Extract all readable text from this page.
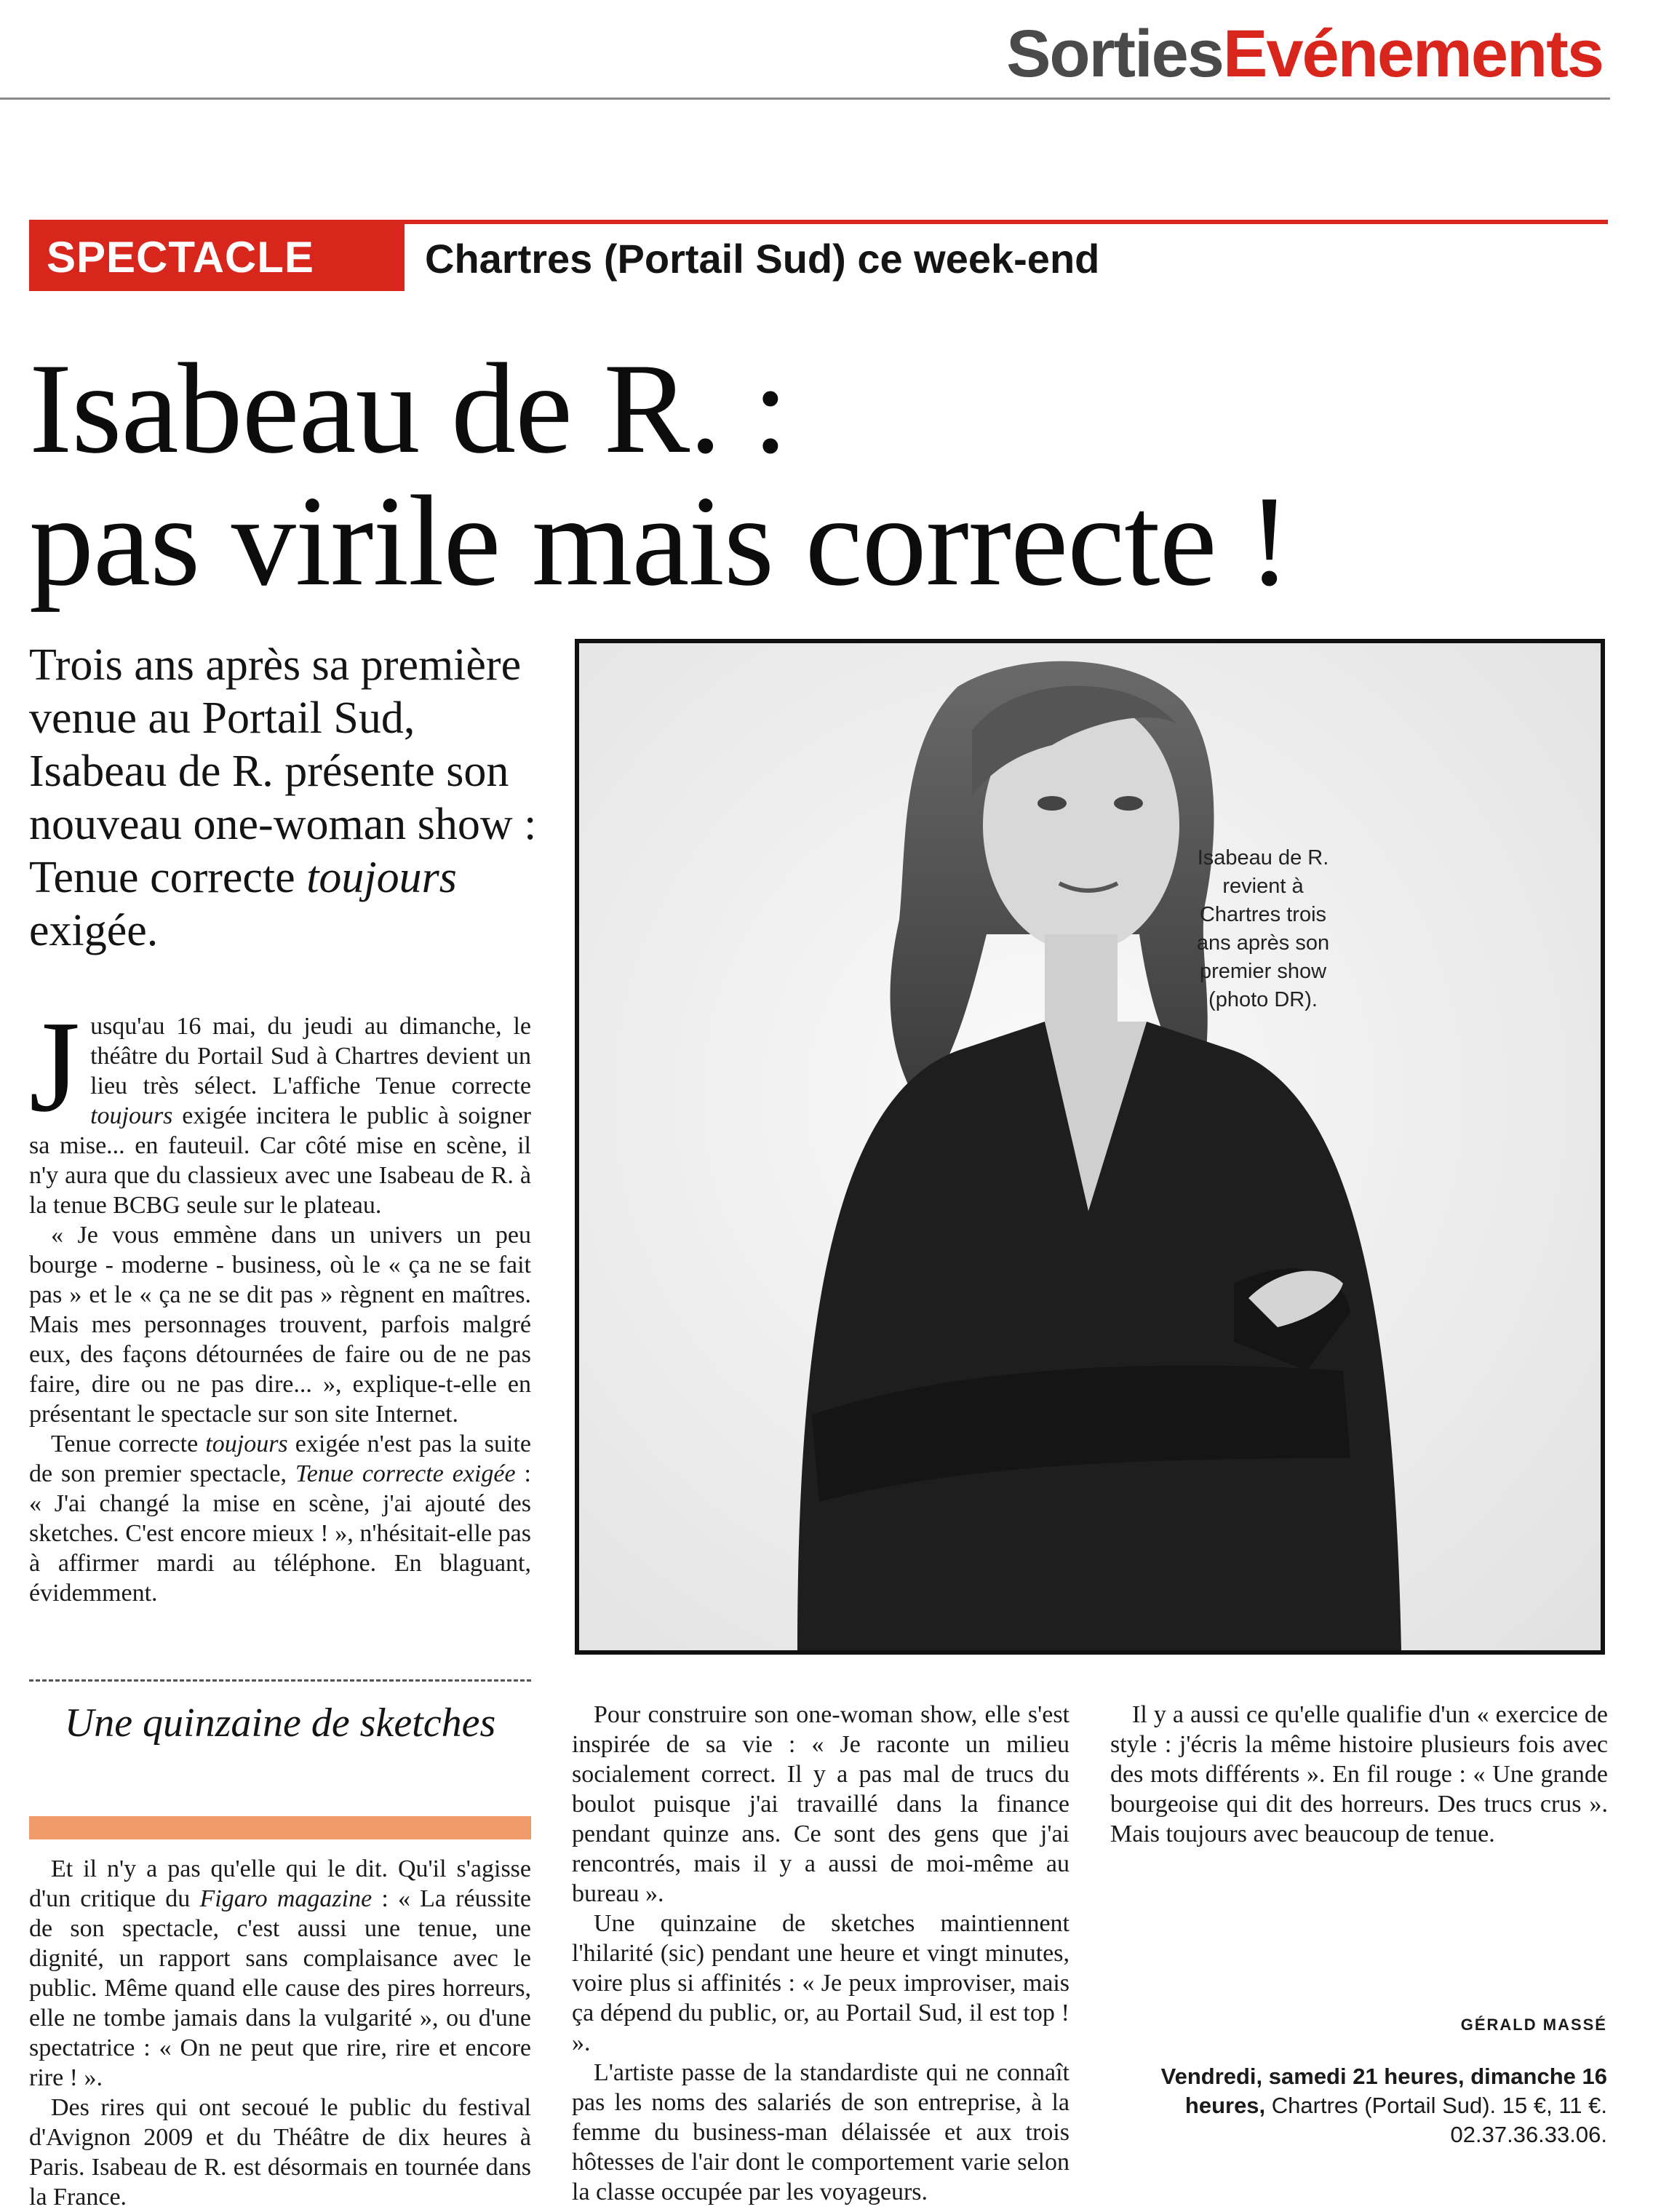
SortiesEvénements
SPECTACLE	Chartres (Portail Sud) ce week-end
Isabeau de R. :
pas virile mais correcte !
Trois ans après sa première venue au Portail Sud, Isabeau de R. présente son nouveau one-woman show : Tenue correcte toujours exigée.
Isabeau de R. revient à Chartres trois ans après son premier show (photo DR).

Jusqu'au 16 mai, du jeudi au dimanche, le théâtre du Portail Sud à Chartres devient un lieu très sélect. L'affiche Tenue correcte toujours exigée incitera le public à soigner sa mise... en fauteuil. Car côté mise en scène, il n'y aura que du classieux avec une Isabeau de R. à la tenue BCBG seule sur le plateau.

« Je vous emmène dans un univers un peu bourge - moderne - business, où le « ça ne se fait pas » et le « ça ne se dit pas » règnent en maîtres. Mais mes personnages trouvent, parfois malgré eux, des façons détournées de faire ou de ne pas faire, dire ou ne pas dire... », explique-t-elle en présentant le spectacle sur son site Internet.

Tenue correcte toujours exigée n'est pas la suite de son premier spectacle, Tenue correcte exigée : « J'ai changé la mise en scène, j'ai ajouté des sketches. C'est encore mieux ! », n'hésitait-elle pas à affirmer mardi au téléphone. En blaguant, évidemment.

Une quinzaine de sketches

Et il n'y a pas qu'elle qui le dit. Qu'il s'agisse d'un critique du Figaro magazine : « La réussite de son spectacle, c'est aussi une tenue, une dignité, un rapport sans complaisance avec le public. Même quand elle cause des pires horreurs, elle ne tombe jamais dans la vulgarité », ou d'une spectatrice : « On ne peut que rire, rire et encore rire ! ».

Des rires qui ont secoué le public du festival d'Avignon 2009 et du Théâtre de dix heures à Paris. Isabeau de R. est désormais en tournée dans la France.

Pour construire son one-woman show, elle s'est inspirée de sa vie : « Je raconte un milieu socialement correct. Il y a pas mal de trucs du boulot puisque j'ai travaillé dans la finance pendant quinze ans. Ce sont des gens que j'ai rencontrés, mais il y a aussi de moi-même au bureau ».

Une quinzaine de sketches maintiennent l'hilarité (sic) pendant une heure et vingt minutes, voire plus si affinités : « Je peux improviser, mais ça dépend du public, or, au Portail Sud, il est top ! ».

L'artiste passe de la standardiste qui ne connaît pas les noms des salariés de son entreprise, à la femme du business-man délaissée et aux trois hôtesses de l'air dont le comportement varie selon la classe occupée par les voyageurs.

Il y a aussi ce qu'elle qualifie d'un « exercice de style : j'écris la même histoire plusieurs fois avec des mots différents ». En fil rouge : « Une grande bourgeoise qui dit des horreurs. Des trucs crus ». Mais toujours avec beaucoup de tenue.

GÉRALD MASSÉ
Vendredi, samedi 21 heures, dimanche 16 heures, Chartres (Portail Sud). 15 €, 11 €.
02.37.36.33.06.
